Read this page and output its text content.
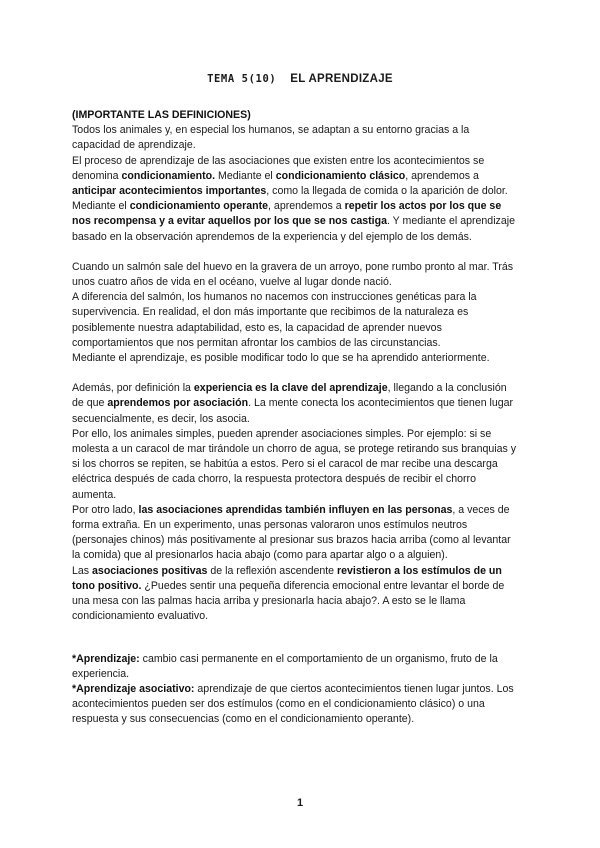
TEMA 5(10) EL APRENDIZAJE

(IMPORTANTE LAS DEFINICIONES)

Todos los animales y, en especial los humanos, se adaptan a su entorno gracias a la capacidad de aprendizaje.

El proceso de aprendizaje de las asociaciones que existen entre los acontecimientos se denomina condicionamiento. Mediante el condicionamiento clásico, aprendemos a anticipar acontecimientos importantes, como la llegada de comida o la aparición de dolor. Mediante el condicionamiento operante, aprendemos a repetir los actos por los que se nos recompensa y a evitar aquellos por los que se nos castiga. Y mediante el aprendizaje basado en la observación aprendemos de la experiencia y del ejemplo de los demás.

Cuando un salmón sale del huevo en la gravera de un arroyo, pone rumbo pronto al mar. Trás unos cuatro años de vida en el océano, vuelve al lugar donde nació.

A diferencia del salmón, los humanos no nacemos con instrucciones genéticas para la supervivencia. En realidad, el don más importante que recibimos de la naturaleza es posiblemente nuestra adaptabilidad, esto es, la capacidad de aprender nuevos comportamientos que nos permitan afrontar los cambios de las circunstancias.

Mediante el aprendizaje, es posible modificar todo lo que se ha aprendido anteriormente.

Además, por definición la experiencia es la clave del aprendizaje, llegando a la conclusión de que aprendemos por asociación. La mente conecta los acontecimientos que tienen lugar secuencialmente, es decir, los asocia.

Por ello, los animales simples, pueden aprender asociaciones simples. Por ejemplo: si se molesta a un caracol de mar tirándole un chorro de agua, se protege retirando sus branquias y si los chorros se repiten, se habitúa a estos. Pero si el caracol de mar recibe una descarga eléctrica después de cada chorro, la respuesta protectora después de recibir el chorro aumenta.

Por otro lado, las asociaciones aprendidas también influyen en las personas, a veces de forma extraña. En un experimento, unas personas valoraron unos estímulos neutros (personajes chinos) más positivamente al presionar sus brazos hacia arriba (como al levantar la comida) que al presionarlos hacia abajo (como para apartar algo o a alguien).

Las asociaciones positivas de la reflexión ascendente revistieron a los estímulos de un tono positivo. ¿Puedes sentir una pequeña diferencia emocional entre levantar el borde de una mesa con las palmas hacia arriba y presionarla hacia abajo?. A esto se le llama condicionamiento evaluativo.

*Aprendizaje: cambio casi permanente en el comportamiento de un organismo, fruto de la experiencia.

*Aprendizaje asociativo: aprendizaje de que ciertos acontecimientos tienen lugar juntos. Los acontecimientos pueden ser dos estímulos (como en el condicionamiento clásico) o una respuesta y sus consecuencias (como en el condicionamiento operante).

1
